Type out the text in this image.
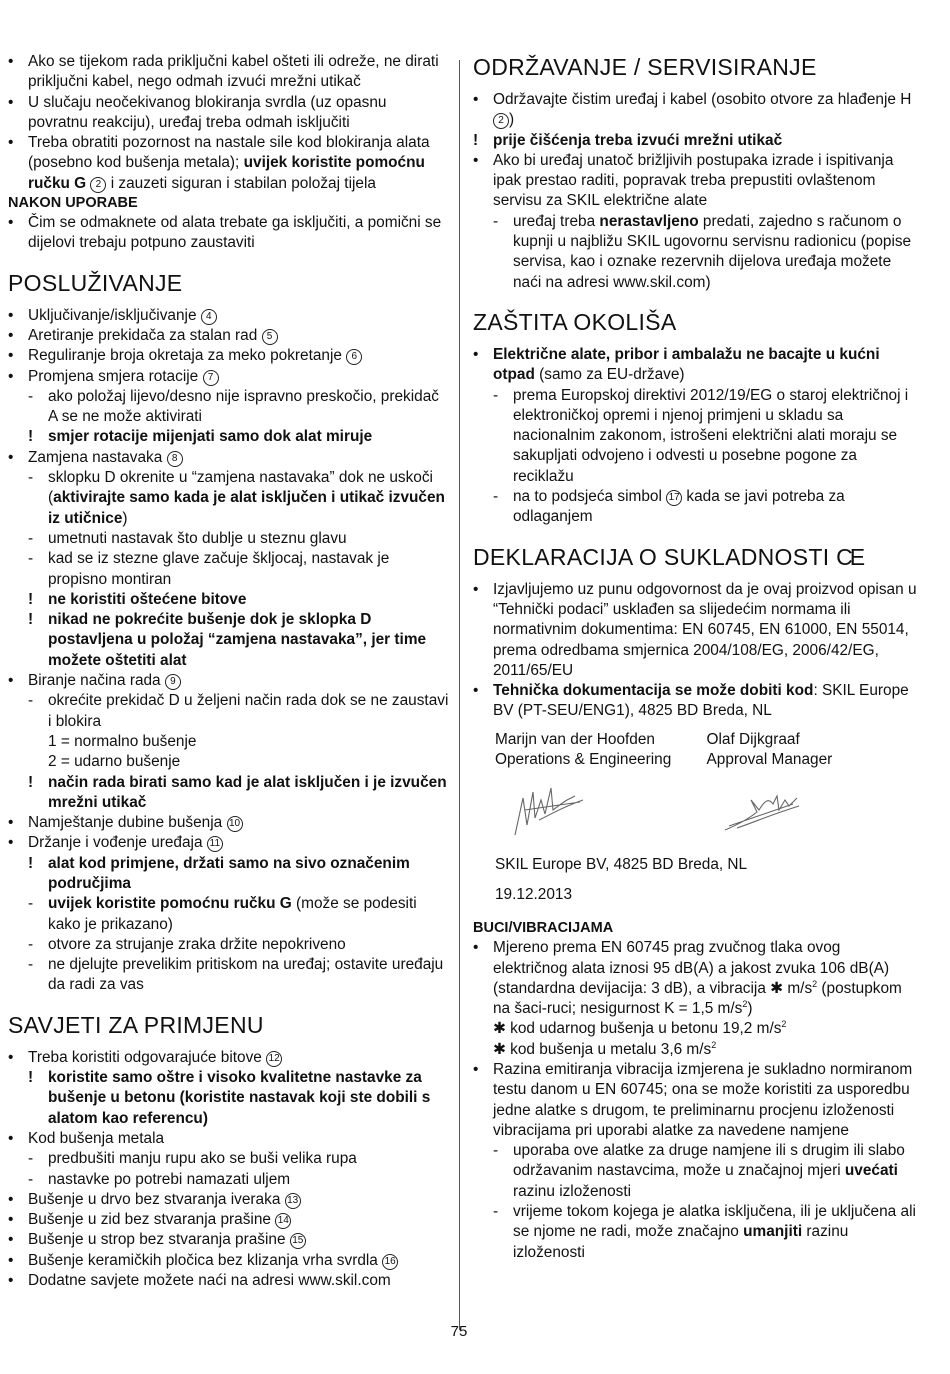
•
Ako se tijekom rada priključni kabel ošteti ili odreže, ne dirati priključni kabel, nego odmah izvući mrežni utikač
•
U slučaju neočekivanog blokiranja svrdla (uz opasnu povratnu reakciju), uređaj treba odmah isključiti
•
Treba obratiti pozornost na nastale sile kod blokiranja alata (posebno kod bušenja metala); uvijek koristite pomoćnu ručku G 2 i zauzeti siguran i stabilan položaj tijela
NAKON UPORABE
•
Čim se odmaknete od alata trebate ga isključiti, a pomični se dijelovi trebaju potpuno zaustaviti
POSLUŽIVANJE
•
Uključivanje/isključivanje 4
•
Aretiranje prekidača za stalan rad 5
•
Reguliranje broja okretaja za meko pokretanje 6
•
Promjena smjera rotacije 7
- ako položaj lijevo/desno nije ispravno preskočio, prekidač A se ne može aktivirati
! smjer rotacije mijenjati samo dok alat miruje
•
Zamjena nastavaka 8
- sklopku D okrenite u “zamjena nastavaka” dok ne uskoči (aktivirajte samo kada je alat isključen i utikač izvučen iz utičnice)
- umetnuti nastavak što dublje u steznu glavu
- kad se iz stezne glave začuje škljocaj, nastavak je propisno montiran
! ne koristiti oštećene bitove
! nikad ne pokrećite bušenje dok je sklopka D postavljena u položaj “zamjena nastavaka”, jer time možete oštetiti alat
•
Biranje načina rada 9
- okrećite prekidač D u željeni način rada dok se ne zaustavi i blokira
1 = normalno bušenje
2 = udarno bušenje
! način rada birati samo kad je alat isključen i je izvučen mrežni utikač
•
Namještanje dubine bušenja 10
•
Držanje i vođenje uređaja 11
! alat kod primjene, držati samo na sivo označenim područjima
- uvijek koristite pomoćnu ručku G (može se podesiti kako je prikazano)
- otvore za strujanje zraka držite nepokriveno
- ne djelujte prevelikim pritiskom na uređaj; ostavite uređaju da radi za vas
SAVJETI ZA PRIMJENU
•
Treba koristiti odgovarajuće bitove 12
! koristite samo oštre i visoko kvalitetne nastavke za bušenje u betonu (koristite nastavak koji ste dobili s alatom kao referencu)
•
Kod bušenja metala
- predbušiti manju rupu ako se buši velika rupa
- nastavke po potrebi namazati uljem
•
Bušenje u drvo bez stvaranja iveraka 13
•
Bušenje u zid bez stvaranja prašine 14
•
Bušenje u strop bez stvaranja prašine 15
•
Bušenje keramičkih pločica bez klizanja vrha svrdla 16
•
Dodatne savjete možete naći na adresi www.skil.com
ODRŽAVANJE / SERVISIRANJE
•
Održavajte čistim uređaj i kabel (osobito otvore za hlađenje H 2 )
! prije čišćenja treba izvući mrežni utikač
•
Ako bi uređaj unatoč brižljivih postupaka izrade i ispitivanja ipak prestao raditi, popravak treba prepustiti ovlaštenom servisu za SKIL električne alate
- uređaj treba nerastavljeno predati, zajedno s računom o kupnji u najbližu SKIL ugovornu servisnu radionicu (popise servisa, kao i oznake rezervnih dijelova uređaja možete naći na adresi www.skil.com)
ZAŠTITA OKOLIŠA
•
Električne alate, pribor i ambalažu ne bacajte u kućni otpad (samo za EU-države)
- prema Europskoj direktivi 2012/19/EG o staroj električnoj i elektroničkoj opremi i njenoj primjeni u skladu sa nacionalnim zakonom, istrošeni električni alati moraju se sakupljati odvojeno i odvesti u posebne pogone za reciklažu
- na to podsjeća simbol 17 kada se javi potreba za odlaganjem
DEKLARACIJA O SUKLADNOSTI CE
•
Izjavljujemo uz punu odgovornost da je ovaj proizvod opisan u “Tehnički podaci” usklađen sa slijedećim normama ili normativnim dokumentima: EN 60745, EN 61000, EN 55014, prema odredbama smjernica 2004/108/EG, 2006/42/EG, 2011/65/EU
•
Tehnička dokumentacija se može dobiti kod: SKIL Europe BV (PT-SEU/ENG1), 4825 BD Breda, NL
Marijn van der Hoofden
Operations & Engineering
Olaf Dijkgraaf
Approval Manager
SKIL Europe BV, 4825 BD Breda, NL
19.12.2013
BUCI/VIBRACIJAMA
•
Mjereno prema EN 60745 prag zvučnog tlaka ovog električnog alata iznosi 95 dB(A) a jakost zvuka 106 dB(A) (standardna devijacija: 3 dB), a vibracija ✱ $m/s^2$ (postupkom na šaci-ruci; nesigurnost K = 1,5 $m/s^2$)
✱ kod udarnog bušenja u betonu 19,2 $m/s^2$
✱ kod bušenja u metalu 3,6 $m/s^2$
•
Razina emitiranja vibracija izmjerena je sukladno normiranom testu danom u EN 60745; ona se može koristiti za usporedbu jedne alatke s drugom, te preliminarnu procjenu izloženosti vibracijama pri uporabi alatke za navedene namjene
- uporaba ove alatke za druge namjene ili s drugim ili slabo održavanim nastavcima, može u značajnoj mjeri uvećati razinu izloženosti
- vrijeme tokom kojega je alatka isključena, ili je uključena ali se njome ne radi, može značajno umanjiti razinu izloženosti
75
